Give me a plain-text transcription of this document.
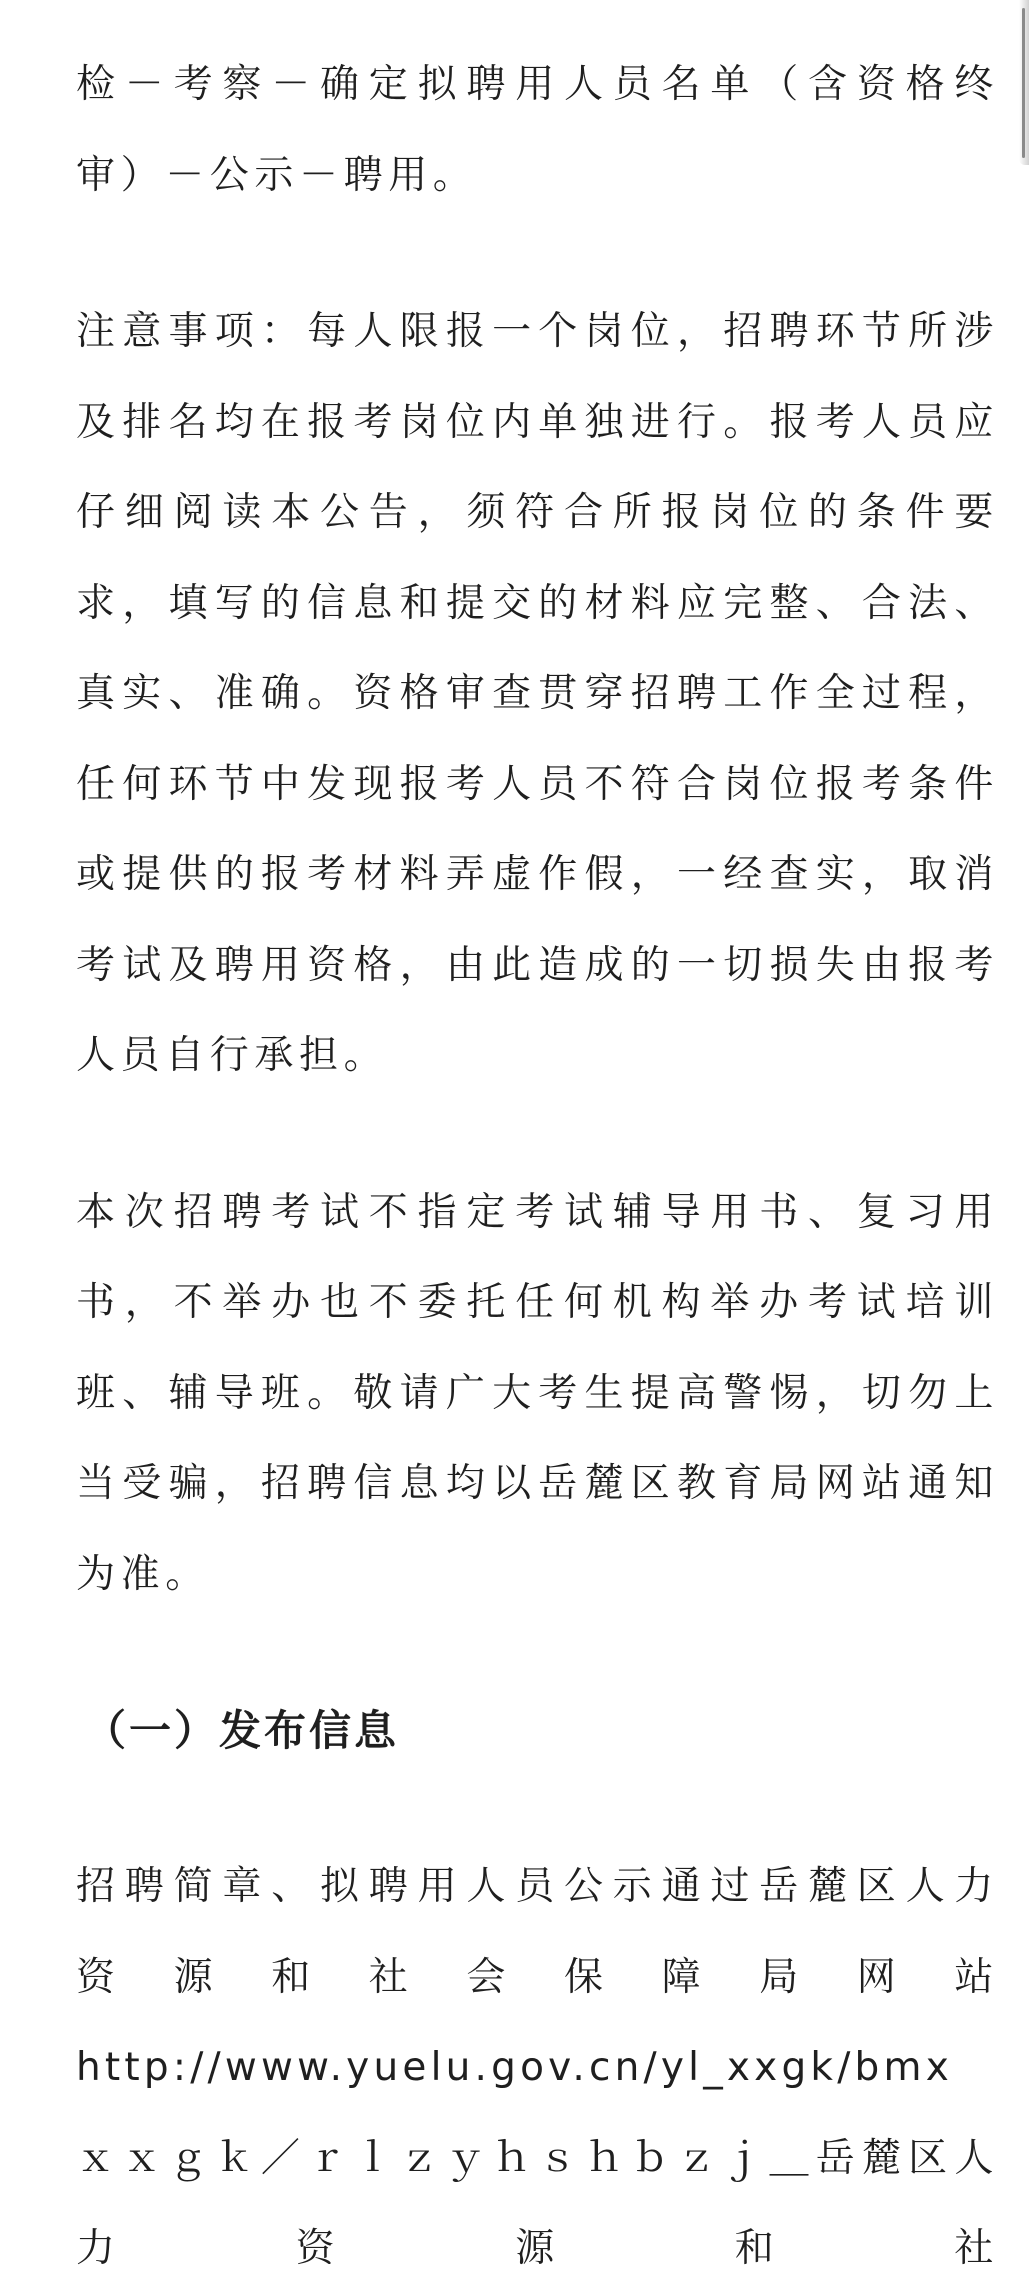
检－考察－确定拟聘用人员名单（含资格终

审）－公示－聘用。

注意事项：每人限报一个岗位，招聘环节所涉及排名均在报考岗位内单独进行。报考人员应仔细阅读本公告，须符合所报岗位的条件要求，填写的信息和提交的材料应完整、合法、真实、准确。资格审查贯穿招聘工作全过程，任何环节中发现报考人员不符合岗位报考条件或提供的报考材料弄虚作假，一经查实，取消考试及聘用资格，由此造成的一切损失由报考人员自行承担。

本次招聘考试不指定考试辅导用书、复习用书，不举办也不委托任何机构举办考试培训班、辅导班。敬请广大考生提高警惕，切勿上当受骗，招聘信息均以岳麓区教育局网站通知为准。

（一）发布信息

招聘简章、拟聘用人员公示通过岳麓区人力

资源和社会保障局网站

http://www.yuelu.gov.cn/yl_xxgk/bmx

ｘｘｇｋ／ｒｌｚｙｈｓｈｂｚｊ＿岳麓区人力资源和社
